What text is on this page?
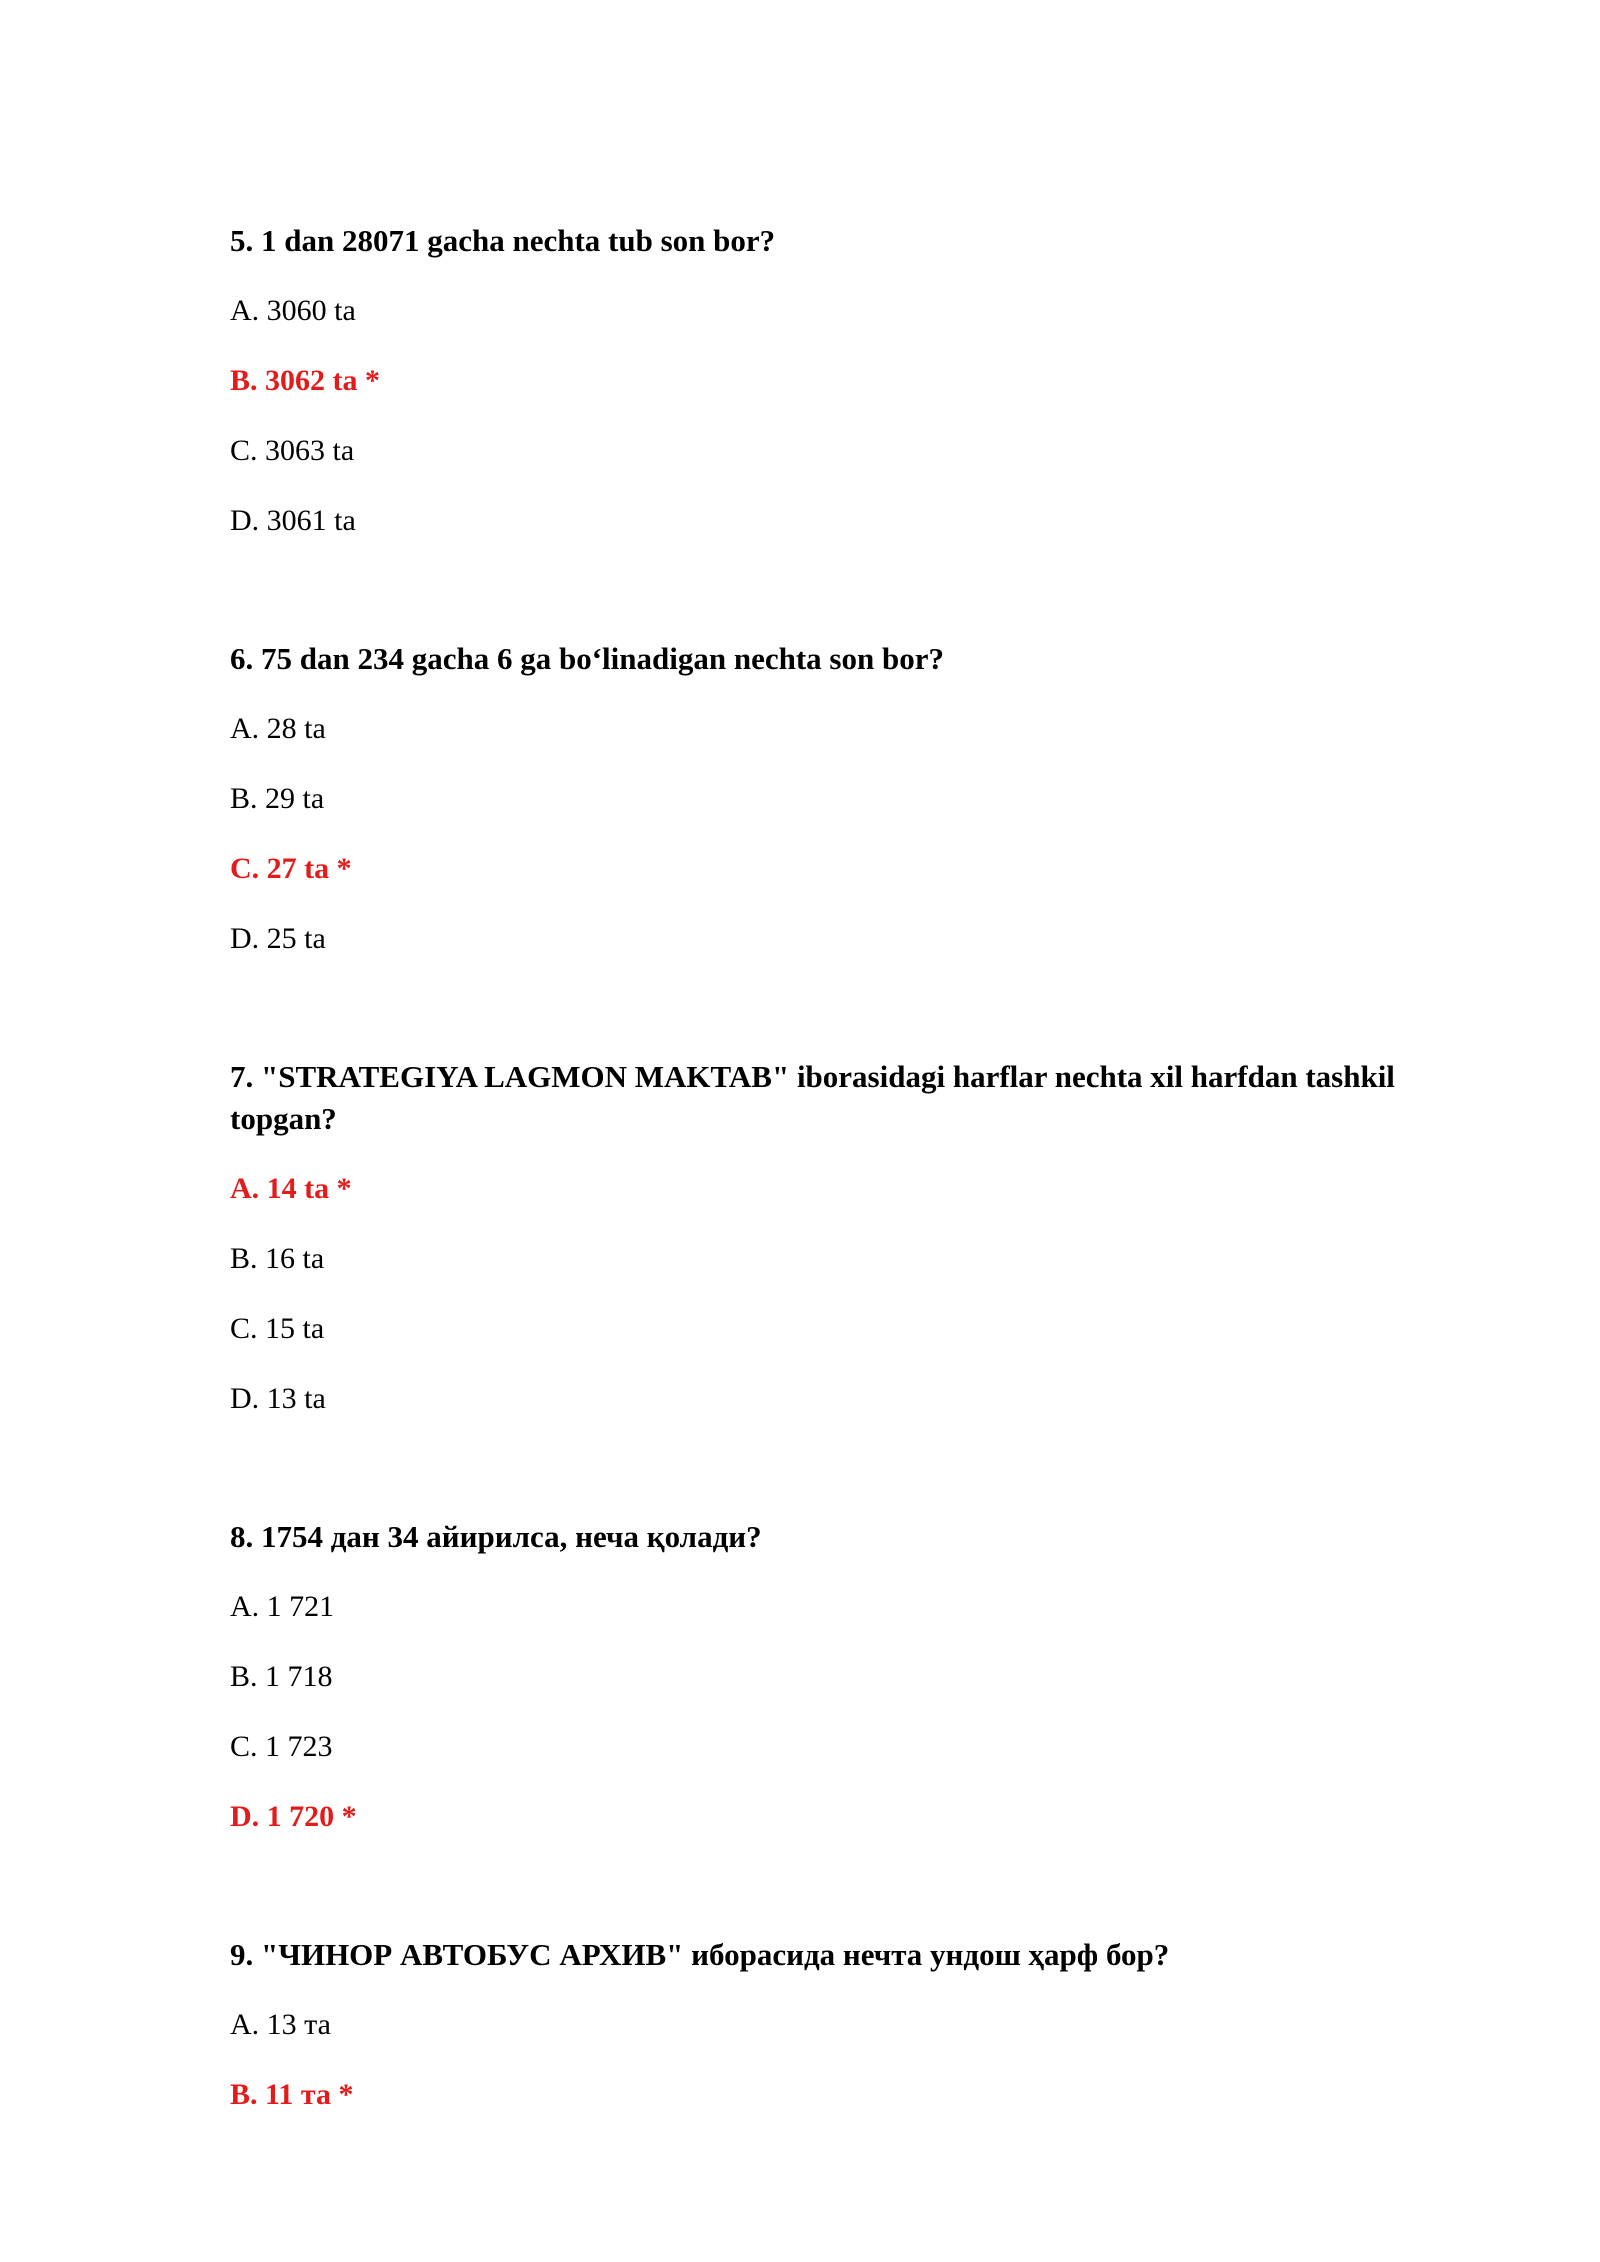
5. 1 dan 28071 gacha nechta tub son bor?
A. 3060 ta
B. 3062 ta *
C. 3063 ta
D. 3061 ta
6. 75 dan 234 gacha 6 ga bo‘linadigan nechta son bor?
A. 28 ta
B. 29 ta
C. 27 ta *
D. 25 ta
7. "STRATEGIYA LAGMON MAKTAB" iborasidagi harflar nechta xil harfdan tashkil topgan?
A. 14 ta *
B. 16 ta
C. 15 ta
D. 13 ta
8. 1754 дан 34 айирилса, неча қолади?
A. 1 721
B. 1 718
C. 1 723
D. 1 720 *
9. "ЧИНОР АВТОБУС АРХИВ" иборасида нечта ундош ҳарф бор?
A. 13 та
B. 11 та *
